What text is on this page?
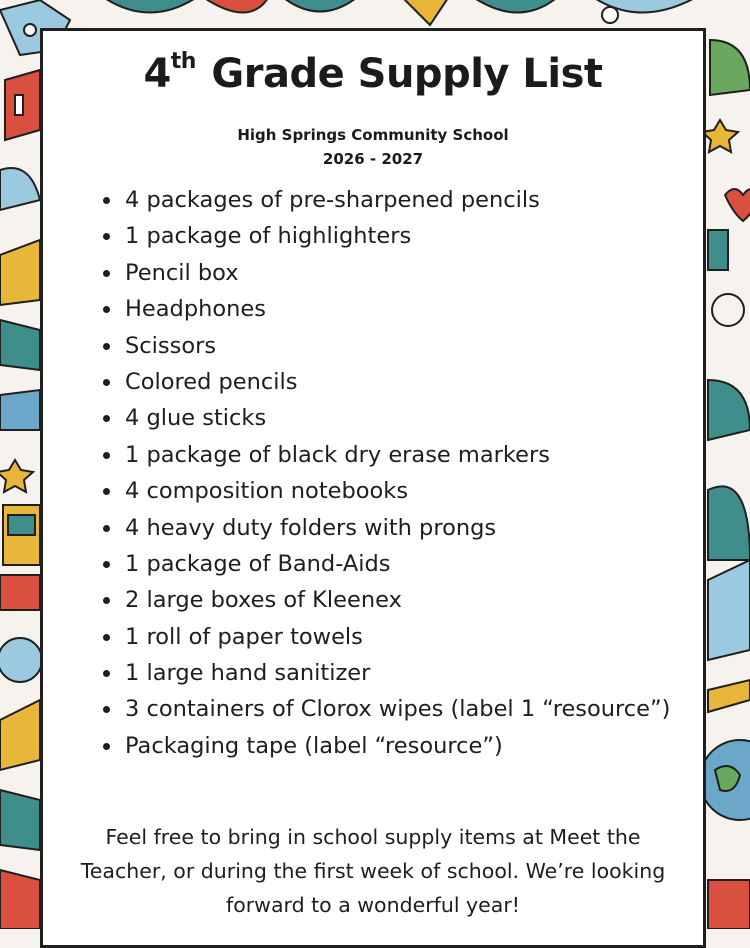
4th Grade Supply List
High Springs Community School
2026 - 2027
4 packages of pre-sharpened pencils
1 package of highlighters
Pencil box
Headphones
Scissors
Colored pencils
4 glue sticks
1 package of black dry erase markers
4 composition notebooks
4 heavy duty folders with prongs
1 package of Band-Aids
2 large boxes of Kleenex
1 roll of paper towels
1 large hand sanitizer
3 containers of Clorox wipes (label 1 “resource”)
Packaging tape (label “resource”)

Feel free to bring in school supply items at Meet the Teacher, or during the first week of school. We’re looking forward to a wonderful year!
